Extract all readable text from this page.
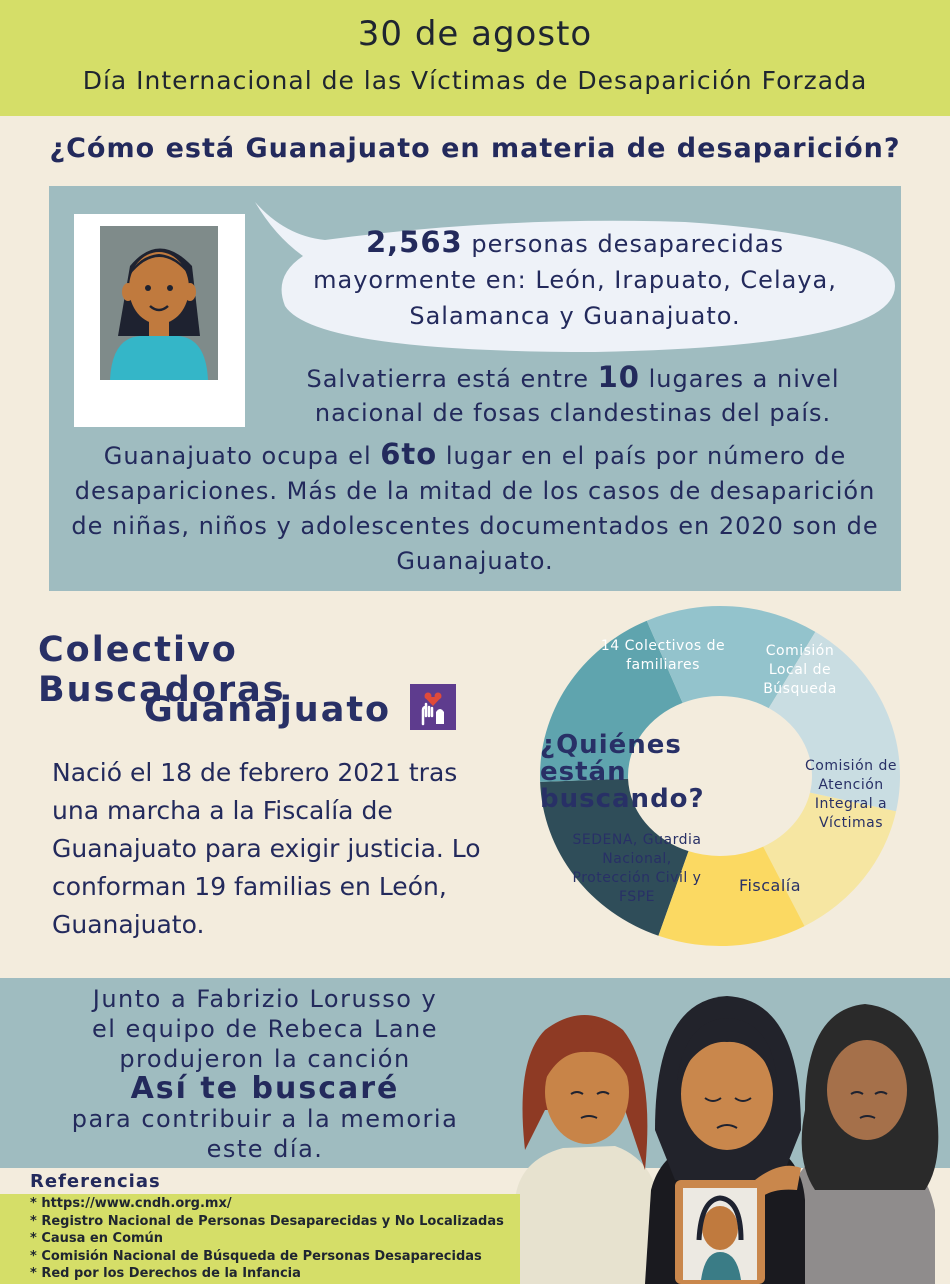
30 de agosto
Día Internacional de las Víctimas de Desaparición Forzada
¿Cómo está Guanajuato en materia de desaparición?
2,563 personas desaparecidas
mayormente en: León, Irapuato, Celaya,
Salamanca y Guanajuato.
Salvatierra está entre 10 lugares a nivel nacional de fosas clandestinas del país.
Guanajuato ocupa el 6to lugar en el país por número de desapariciones. Más de la mitad de los casos de desaparición de niñas, niños y adolescentes documentados en 2020 son de Guanajuato.
Colectivo Buscadoras
Guanajuato
Nació el 18 de febrero 2021 tras una marcha a la Fiscalía de Guanajuato para exigir justicia. Lo conforman 19 familias en León, Guanajuato.
14 Colectivos de familiares
Comisión Local de Búsqueda
Comisión de Atención Integral a Víctimas
Fiscalía
SEDENA, Guardia Nacional, Protección Civil y FSPE
¿Quiénes están buscando?
Junto a Fabrizio Lorusso y
el equipo de Rebeca Lane
produjeron la canción
Así te buscaré
para contribuir a la memoria
este día.
Referencias
* https://www.cndh.org.mx/
* Registro Nacional de Personas Desaparecidas y No Localizadas
* Causa en Común
* Comisión Nacional de Búsqueda de Personas Desaparecidas
* Red por los Derechos de la Infancia
